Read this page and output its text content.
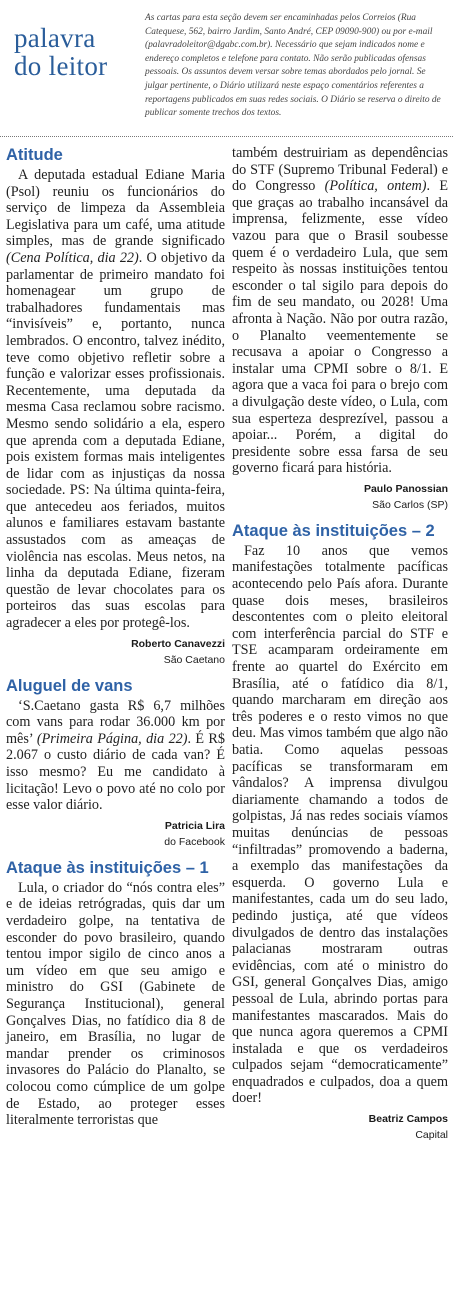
palavra
do leitor
As cartas para esta seção devem ser encaminhadas pelos Correios (Rua Catequese, 562, bairro Jardim, Santo André, CEP 09090-900) ou por e-mail (palavradoleitor@dgabc.com.br). Necessário que sejam indicados nome e endereço completos e telefone para contato. Não serão publicadas ofensas pessoais. Os assuntos devem versar sobre temas abordados pelo jornal. Se julgar pertinente, o Diário utilizará neste espaço comentários referentes a reportagens publicados em suas redes sociais. O Diário se reserva o direito de publicar somente trechos dos textos.
Atitude

A deputada estadual Ediane Maria (Psol) reuniu os funcionários do serviço de limpeza da Assembleia Legislativa para um café, uma atitude simples, mas de grande significado (Cena Política, dia 22). O objetivo da parlamentar de primeiro mandato foi homenagear um grupo de trabalhadores fundamentais mas “invisíveis” e, portanto, nunca lembrados. O encontro, talvez inédito, teve como objetivo refletir sobre a função e valorizar esses profissionais. Recentemente, uma deputada da mesma Casa reclamou sobre racismo. Mesmo sendo solidário a ela, espero que aprenda com a deputada Ediane, pois existem formas mais inteligentes de lidar com as injustiças da nossa sociedade. PS: Na última quinta-feira, que antecedeu aos feriados, muitos alunos e familiares estavam bastante assustados com as ameaças de violência nas escolas. Meus netos, na linha da deputada Ediane, fizeram questão de levar chocolates para os porteiros das suas escolas para agradecer a eles por protegê-los.

Roberto Canavezzi
São Caetano
Aluguel de vans

‘S.Caetano gasta R$ 6,7 milhões com vans para rodar 36.000 km por mês’ (Primeira Página, dia 22). É R$ 2.067 o custo diário de cada van? É isso mesmo? Eu me candidato à licitação! Levo o povo até no colo por esse valor diário.

Patricia Lira
do Facebook
Ataque às instituições – 1

Lula, o criador do “nós contra eles” e de ideias retrógradas, quis dar um verdadeiro golpe, na tentativa de esconder do povo brasileiro, quando tentou impor sigilo de cinco anos a um vídeo em que seu amigo e ministro do GSI (Gabinete de Segurança Institucional), general Gonçalves Dias, no fatídico dia 8 de janeiro, em Brasília, no lugar de mandar prender os criminosos invasores do Palácio do Planalto, se colocou como cúmplice de um golpe de Estado, ao proteger esses literalmente terroristas que

também destruiriam as dependências do STF (Supremo Tribunal Federal) e do Congresso (Política, ontem). E que graças ao trabalho incansável da imprensa, felizmente, esse vídeo vazou para que o Brasil soubesse quem é o verdadeiro Lula, que sem respeito às nossas instituições tentou esconder o tal sigilo para depois do fim de seu mandato, ou 2028! Uma afronta à Nação. Não por outra razão, o Planalto veementemente se recusava a apoiar o Congresso a instalar uma CPMI sobre o 8/1. E agora que a vaca foi para o brejo com a divulgação deste vídeo, o Lula, com sua esperteza desprezível, passou a apoiar... Porém, a digital do presidente sobre essa farsa de seu governo ficará para história.

Paulo Panossian
São Carlos (SP)
Ataque às instituições – 2

Faz 10 anos que vemos manifestações totalmente pacíficas acontecendo pelo País afora. Durante quase dois meses, brasileiros descontentes com o pleito eleitoral com interferência parcial do STF e TSE acamparam ordeiramente em frente ao quartel do Exército em Brasília, até o fatídico dia 8/1, quando marcharam em direção aos três poderes e o resto vimos no que deu. Mas vimos também que algo não batia. Como aquelas pessoas pacíficas se transformaram em vândalos? A imprensa divulgou diariamente chamando a todos de golpistas, Já nas redes sociais víamos muitas denúncias de pessoas “infiltradas” promovendo a baderna, a exemplo das manifestações da esquerda. O governo Lula e manifestantes, cada um do seu lado, pedindo justiça, até que vídeos divulgados de dentro das instalações palacianas mostraram outras evidências, com até o ministro do GSI, general Gonçalves Dias, amigo pessoal de Lula, abrindo portas para manifestantes mascarados. Mais do que nunca agora queremos a CPMI instalada e que os verdadeiros culpados sejam “democraticamente” enquadrados e culpados, doa a quem doer!

Beatriz Campos
Capital
